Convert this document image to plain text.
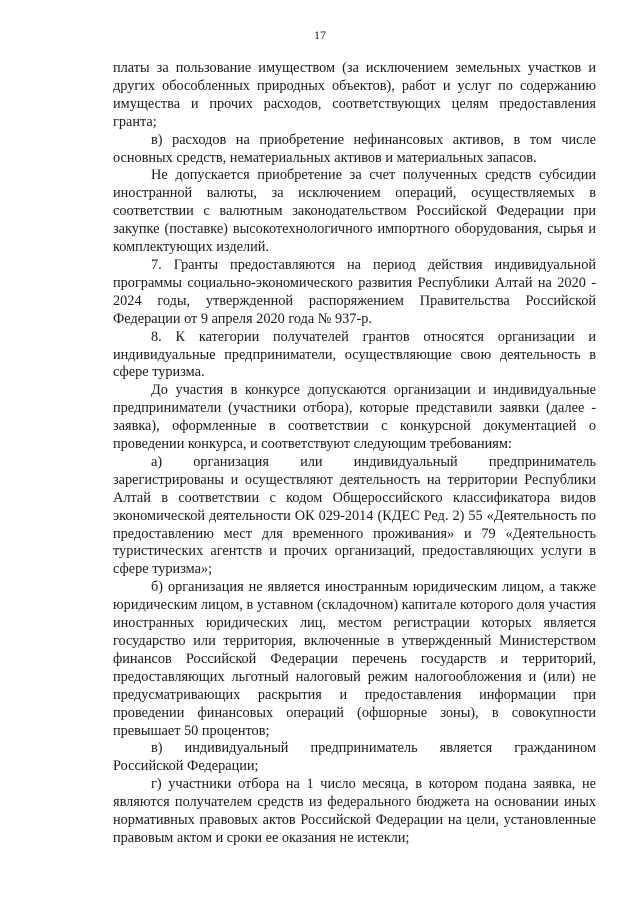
17

платы за пользование имуществом (за исключением земельных участков и других обособленных природных объектов), работ и услуг по содержанию имущества и прочих расходов, соответствующих целям предоставления гранта;

в) расходов на приобретение нефинансовых активов, в том числе основных средств, нематериальных активов и материальных запасов.

Не допускается приобретение за счет полученных средств субсидии иностранной валюты, за исключением операций, осуществляемых в соответствии с валютным законодательством Российской Федерации при закупке (поставке) высокотехнологичного импортного оборудования, сырья и комплектующих изделий.

7. Гранты предоставляются на период действия индивидуальной программы социально-экономического развития Республики Алтай на 2020 - 2024 годы, утвержденной распоряжением Правительства Российской Федерации от 9 апреля 2020 года № 937-р.

8. К категории получателей грантов относятся организации и индивидуальные предприниматели, осуществляющие свою деятельность в сфере туризма.

До участия в конкурсе допускаются организации и индивидуальные предприниматели (участники отбора), которые представили заявки (далее - заявка), оформленные в соответствии с конкурсной документацией о проведении конкурса, и соответствуют следующим требованиям:

а) организация или индивидуальный предприниматель зарегистрированы и осуществляют деятельность на территории Республики Алтай в соответствии с кодом Общероссийского классификатора видов экономической деятельности ОК 029-2014 (КДЕС Ред. 2) 55 «Деятельность по предоставлению мест для временного проживания» и 79 «Деятельность туристических агентств и прочих организаций, предоставляющих услуги в сфере туризма»;

б) организация не является иностранным юридическим лицом, а также юридическим лицом, в уставном (складочном) капитале которого доля участия иностранных юридических лиц, местом регистрации которых является государство или территория, включенные в утвержденный Министерством финансов Российской Федерации перечень государств и территорий, предоставляющих льготный налоговый режим налогообложения и (или) не предусматривающих раскрытия и предоставления информации при проведении финансовых операций (офшорные зоны), в совокупности превышает 50 процентов;

в) индивидуальный предприниматель является гражданином Российской Федерации;

г) участники отбора на 1 число месяца, в котором подана заявка, не являются получателем средств из федерального бюджета на основании иных нормативных правовых актов Российской Федерации на цели, установленные правовым актом и сроки ее оказания не истекли;
